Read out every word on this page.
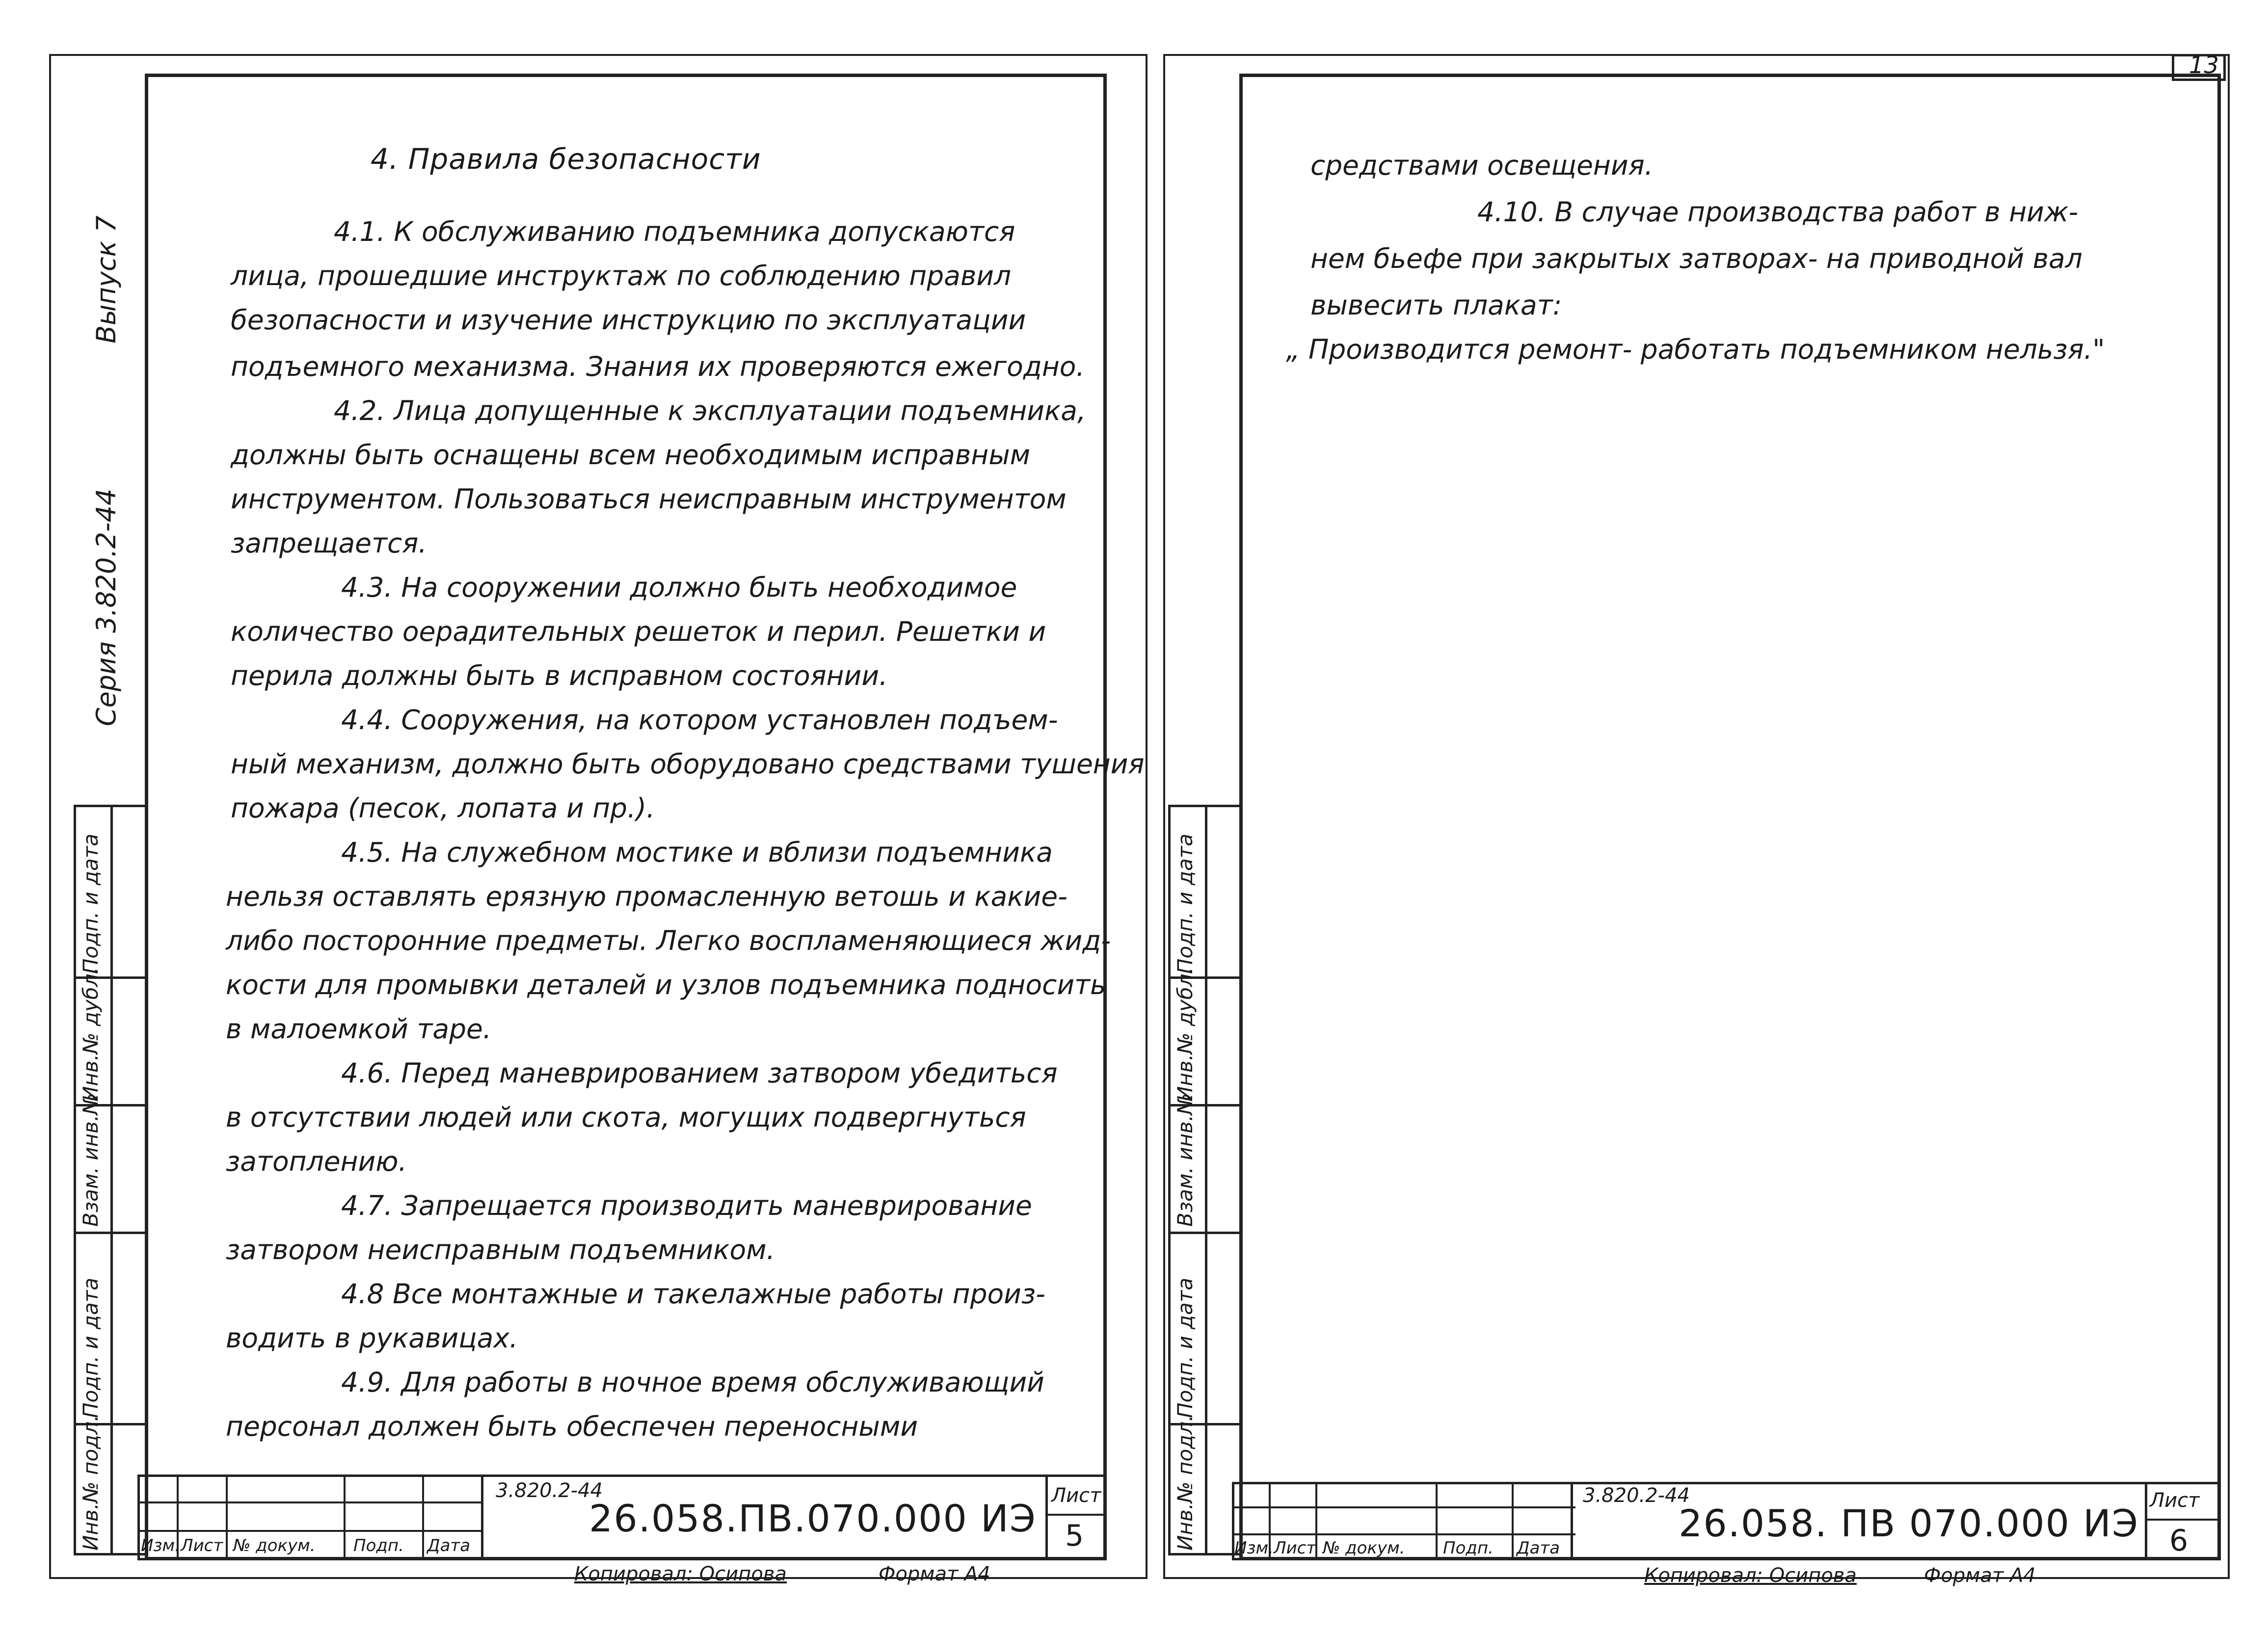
Серия 3.820.2-44
Выпуск 7
Инв.№ подл.
Подп. и дата
Взам. инв.№
Инв.№ дубл.
Подп. и дата
4. Правила безопасности
4.1. К обслуживанию подъемника допускаются
лица, прошедшие инструктаж по соблюдению правил
безопасности и изучение инструкцию по эксплуатации
подъемного механизма. Знания их проверяются ежегодно.
4.2. Лица допущенные к эксплуатации подъемника,
должны быть оснащены всем необходимым исправным
инструментом. Пользоваться неисправным инструментом
запрещается.
4.3. На сооружении должно быть необходимое
количество оерадительных решеток и перил. Решетки и
перила должны быть в исправном состоянии.
4.4. Сооружения, на котором установлен подъем-
ный механизм, должно быть оборудовано средствами тушения
пожара (песок, лопата и пр.).
4.5. На служебном мостике и вблизи подъемника
нельзя оставлять ерязную промасленную ветошь и какие-
либо посторонние предметы. Легко воспламеняющиеся жид-
кости для промывки деталей и узлов подъемника подносить
в малоемкой таре.
4.6. Перед маневрированием затвором убедиться
в отсутствии людей или скота, могущих подвергнуться
затоплению.
4.7. Запрещается производить маневрирование
затвором неисправным подъемником.
4.8 Все монтажные и такелажные работы произ-
водить в рукавицах.
4.9. Для работы в ночное время обслуживающий
персонал должен быть обеспечен переносными
Изм. Лист № докум. Подп. Дата
3.820.2-44
26.058.ПВ.070.000 ИЭ
Лист
5
Копировал: Осипова	Формат А4
13
Инв.№ подл.
Подп. и дата
Взам. инв.№
Инв.№ дубл.
Подп. и дата
средствами освещения.
4.10. В случае производства работ в ниж-
нем бьефе при закрытых затворах- на приводной вал
вывесить плакат:
„ Производится ремонт- работать подъемником нельзя."
Изм. Лист № докум. Подп. Дата
3.820.2-44
26.058. ПВ 070.000 ИЭ
Лист
6
Копировал: Осипова	Формат А4
